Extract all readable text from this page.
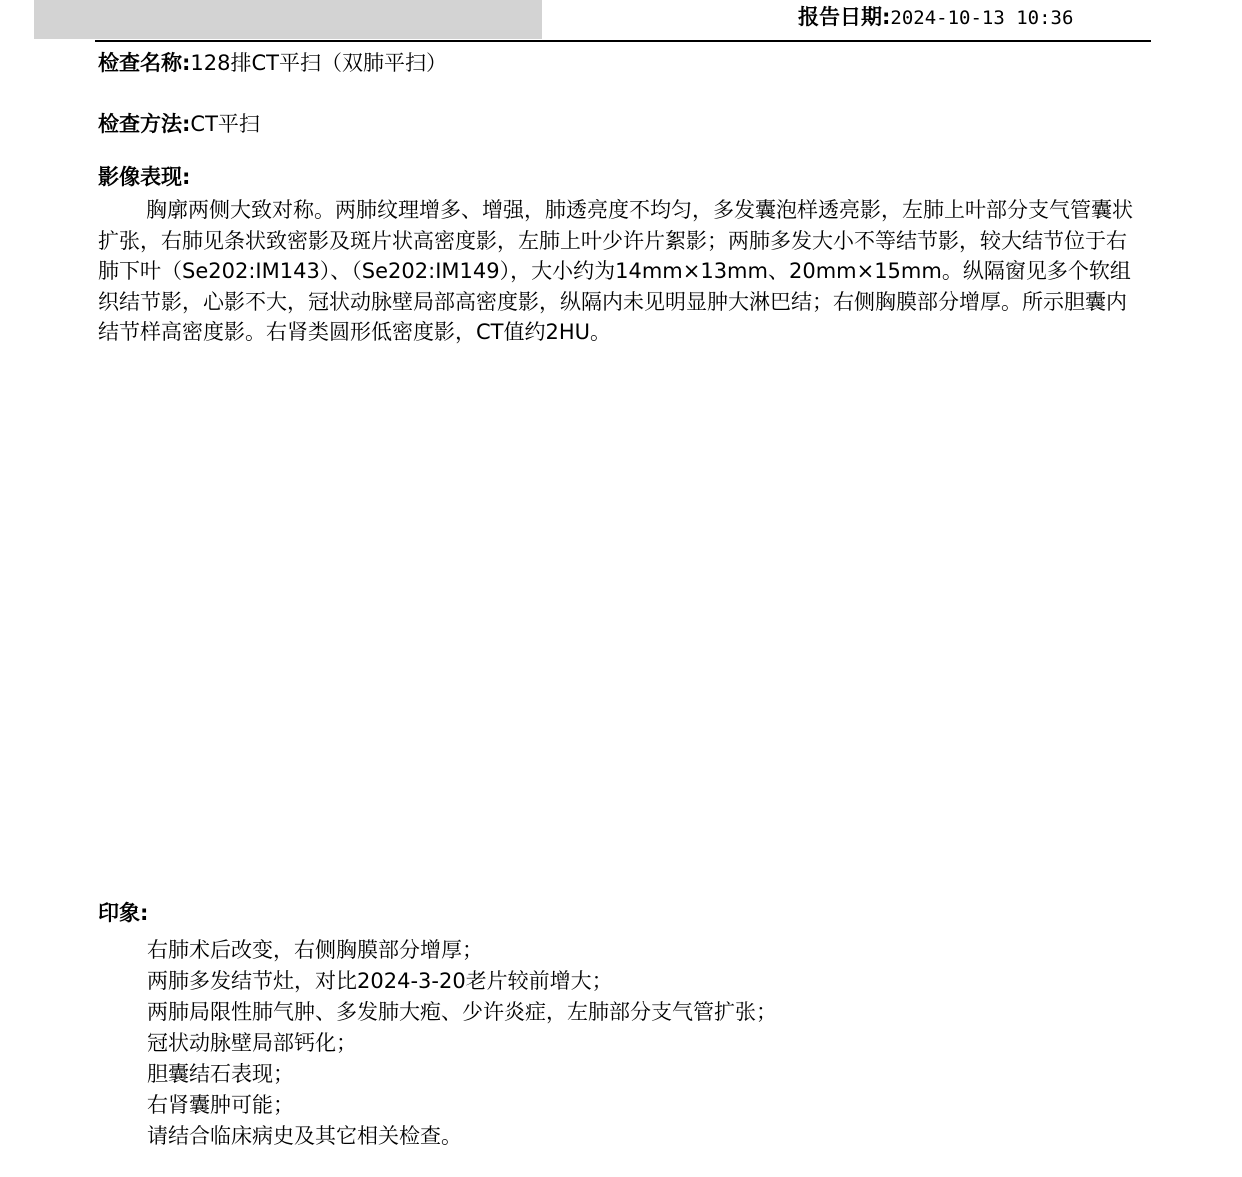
报告日期:2024-10-13 10:36
检查名称:128排CT平扫（双肺平扫）
检查方法:CT平扫
影像表现:

胸廓两侧大致对称。两肺纹理增多、增强，肺透亮度不均匀，多发囊泡样透亮影，左肺上叶部分支气管囊状扩张，右肺见条状致密影及斑片状高密度影，左肺上叶少许片絮影；两肺多发大小不等结节影，较大结节位于右肺下叶（Se202:IM143）、（Se202:IM149），大小约为14mm×13mm、20mm×15mm。纵隔窗见多个软组织结节影，心影不大，冠状动脉壁局部高密度影，纵隔内未见明显肿大淋巴结；右侧胸膜部分增厚。所示胆囊内结节样高密度影。右肾类圆形低密度影，CT值约2HU。

印象:
右肺术后改变，右侧胸膜部分增厚；
两肺多发结节灶，对比2024-3-20老片较前增大；
两肺局限性肺气肿、多发肺大疱、少许炎症，左肺部分支气管扩张；
冠状动脉壁局部钙化；
胆囊结石表现；
右肾囊肿可能；
请结合临床病史及其它相关检查。
